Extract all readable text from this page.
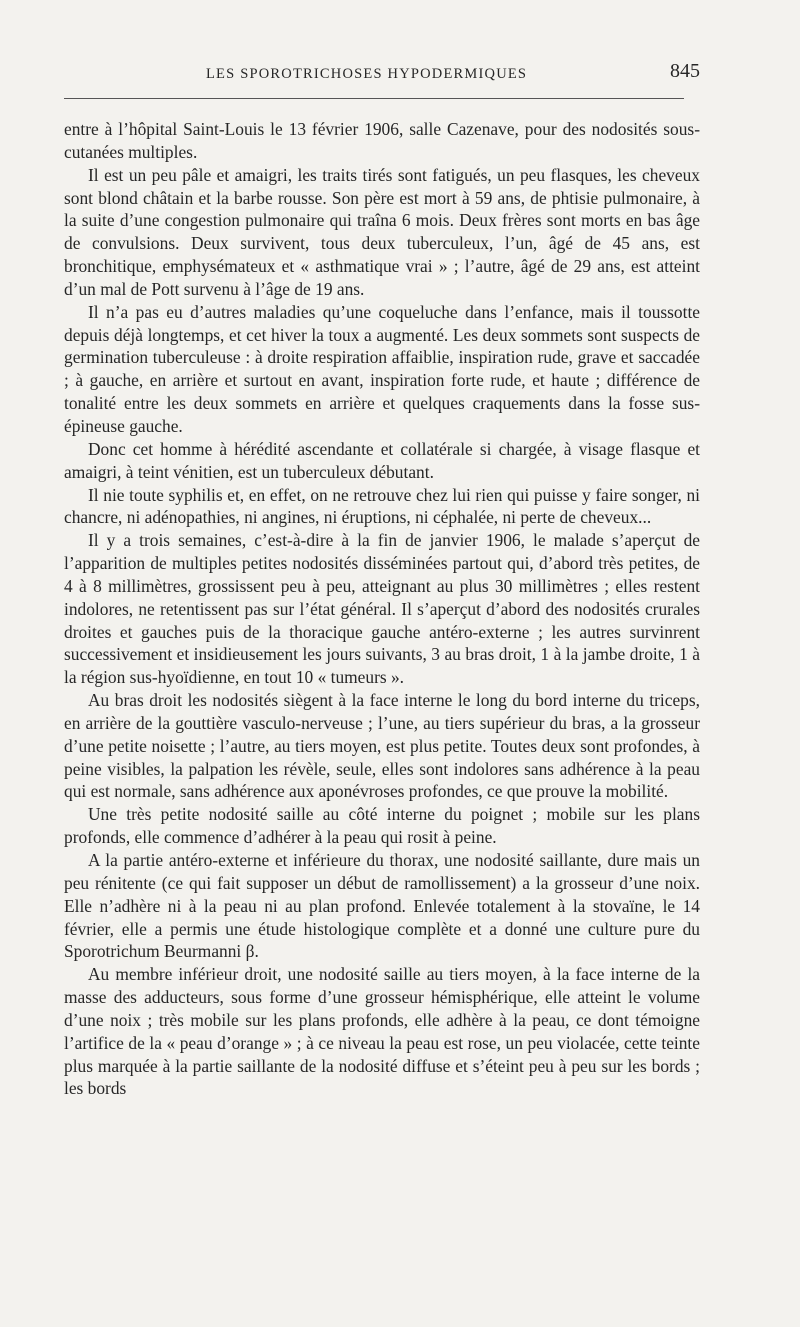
LES SPOROTRICHOSES HYPODERMIQUES	845

entre à l’hôpital Saint-Louis le 13 février 1906, salle Cazenave, pour des nodosités sous-cutanées multiples.

Il est un peu pâle et amaigri, les traits tirés sont fatigués, un peu flasques, les cheveux sont blond châtain et la barbe rousse. Son père est mort à 59 ans, de phtisie pulmonaire, à la suite d’une congestion pulmonaire qui traîna 6 mois. Deux frères sont morts en bas âge de convulsions. Deux survivent, tous deux tuberculeux, l’un, âgé de 45 ans, est bronchitique, emphysémateux et « asthmatique vrai » ; l’autre, âgé de 29 ans, est atteint d’un mal de Pott survenu à l’âge de 19 ans.

Il n’a pas eu d’autres maladies qu’une coqueluche dans l’enfance, mais il toussotte depuis déjà longtemps, et cet hiver la toux a augmenté. Les deux sommets sont suspects de germination tuberculeuse : à droite respiration affaiblie, inspiration rude, grave et saccadée ; à gauche, en arrière et surtout en avant, inspiration forte rude, et haute ; différence de tonalité entre les deux sommets en arrière et quelques craquements dans la fosse sus-épineuse gauche.

Donc cet homme à hérédité ascendante et collatérale si chargée, à visage flasque et amaigri, à teint vénitien, est un tuberculeux débutant.

Il nie toute syphilis et, en effet, on ne retrouve chez lui rien qui puisse y faire songer, ni chancre, ni adénopathies, ni angines, ni éruptions, ni céphalée, ni perte de cheveux...

Il y a trois semaines, c’est-à-dire à la fin de janvier 1906, le malade s’aperçut de l’apparition de multiples petites nodosités disséminées partout qui, d’abord très petites, de 4 à 8 millimètres, grossissent peu à peu, atteignant au plus 30 millimètres ; elles restent indolores, ne retentissent pas sur l’état général. Il s’aperçut d’abord des nodosités crurales droites et gauches puis de la thoracique gauche antéro-externe ; les autres survinrent successivement et insidieusement les jours suivants, 3 au bras droit, 1 à la jambe droite, 1 à la région sus-hyoïdienne, en tout 10 « tumeurs ».

Au bras droit les nodosités siègent à la face interne le long du bord interne du triceps, en arrière de la gouttière vasculo-nerveuse ; l’une, au tiers supérieur du bras, a la grosseur d’une petite noisette ; l’autre, au tiers moyen, est plus petite. Toutes deux sont profondes, à peine visibles, la palpation les révèle, seule, elles sont indolores sans adhérence à la peau qui est normale, sans adhérence aux aponévroses profondes, ce que prouve la mobilité.

Une très petite nodosité saille au côté interne du poignet ; mobile sur les plans profonds, elle commence d’adhérer à la peau qui rosit à peine.

A la partie antéro-externe et inférieure du thorax, une nodosité saillante, dure mais un peu rénitente (ce qui fait supposer un début de ramollissement) a la grosseur d’une noix. Elle n’adhère ni à la peau ni au plan profond. Enlevée totalement à la stovaïne, le 14 février, elle a permis une étude histologique complète et a donné une culture pure du Sporotrichum Beurmanni β.

Au membre inférieur droit, une nodosité saille au tiers moyen, à la face interne de la masse des adducteurs, sous forme d’une grosseur hémisphérique, elle atteint le volume d’une noix ; très mobile sur les plans profonds, elle adhère à la peau, ce dont témoigne l’artifice de la « peau d’orange » ; à ce niveau la peau est rose, un peu violacée, cette teinte plus marquée à la partie saillante de la nodosité diffuse et s’éteint peu à peu sur les bords ; les bords
